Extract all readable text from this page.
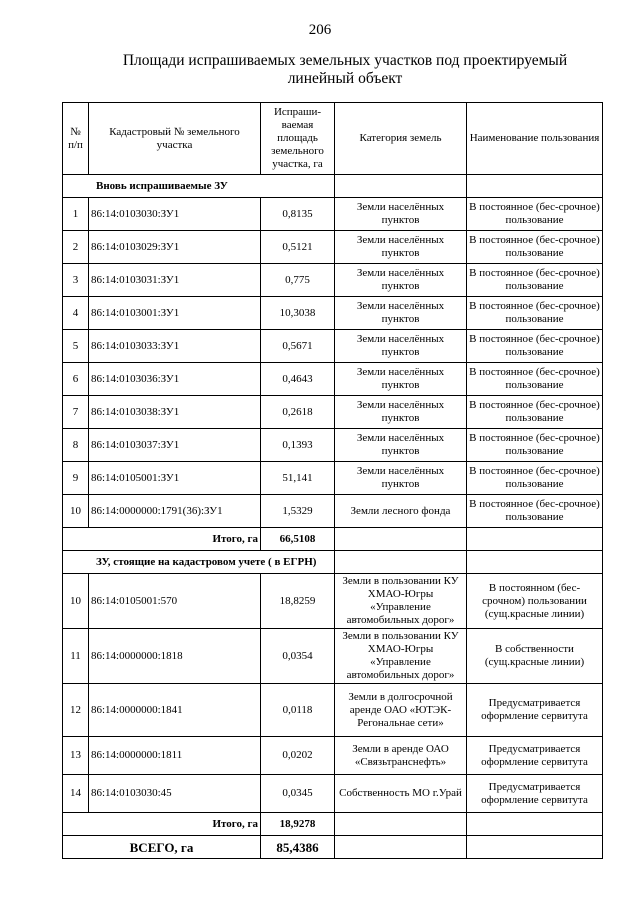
206
Площади испрашиваемых земельных участков под проектируемый линейный объект
№ п/п	Кадастровый № земельного участка	Испраши-ваемая площадь земельного участка, га	Категория земель	Наименование пользования
Вновь испрашиваемые ЗУ				
1	86:14:0103030:ЗУ1	0,8135	Земли населённых пунктов	В постоянное (бес-срочное) пользование
2	86:14:0103029:ЗУ1	0,5121	Земли населённых пунктов	В постоянное (бес-срочное) пользование
3	86:14:0103031:ЗУ1	0,775	Земли населённых пунктов	В постоянное (бес-срочное) пользование
4	86:14:0103001:ЗУ1	10,3038	Земли населённых пунктов	В постоянное (бес-срочное) пользование
5	86:14:0103033:ЗУ1	0,5671	Земли населённых пунктов	В постоянное (бес-срочное) пользование
6	86:14:0103036:ЗУ1	0,4643	Земли населённых пунктов	В постоянное (бес-срочное) пользование
7	86:14:0103038:ЗУ1	0,2618	Земли населённых пунктов	В постоянное (бес-срочное) пользование
8	86:14:0103037:ЗУ1	0,1393	Земли населённых пунктов	В постоянное (бес-срочное) пользование
9	86:14:0105001:ЗУ1	51,141	Земли населённых пунктов	В постоянное (бес-срочное) пользование
10	86:14:0000000:1791(36):ЗУ1	1,5329	Земли лесного фонда	В постоянное (бес-срочное) пользование
Итого, га		66,5108		
ЗУ, стоящие на кадастровом учете ( в ЕГРН)				
10	86:14:0105001:570	18,8259	Земли в пользовании КУ ХМАО-Югры «Управление автомобильных дорог»	В постоянном (бес-срочном) пользовании (сущ.красные линии)
11	86:14:0000000:1818	0,0354	Земли в пользовании КУ ХМАО-Югры «Управление автомобильных дорог»	В собственности (сущ.красные линии)
12	86:14:0000000:1841	0,0118	Земли в долгосрочной аренде ОАО «ЮТЭК-Регональнае сети»	Предусматривается оформление сервитута
13	86:14:0000000:1811	0,0202	Земли в аренде ОАО «Связьтранснефть»	Предусматривается оформление сервитута
14	86:14:0103030:45	0,0345	Собственность МО г.Урай	Предусматривается оформление сервитута
Итого, га		18,9278		
ВСЕГО, га		85,4386		
